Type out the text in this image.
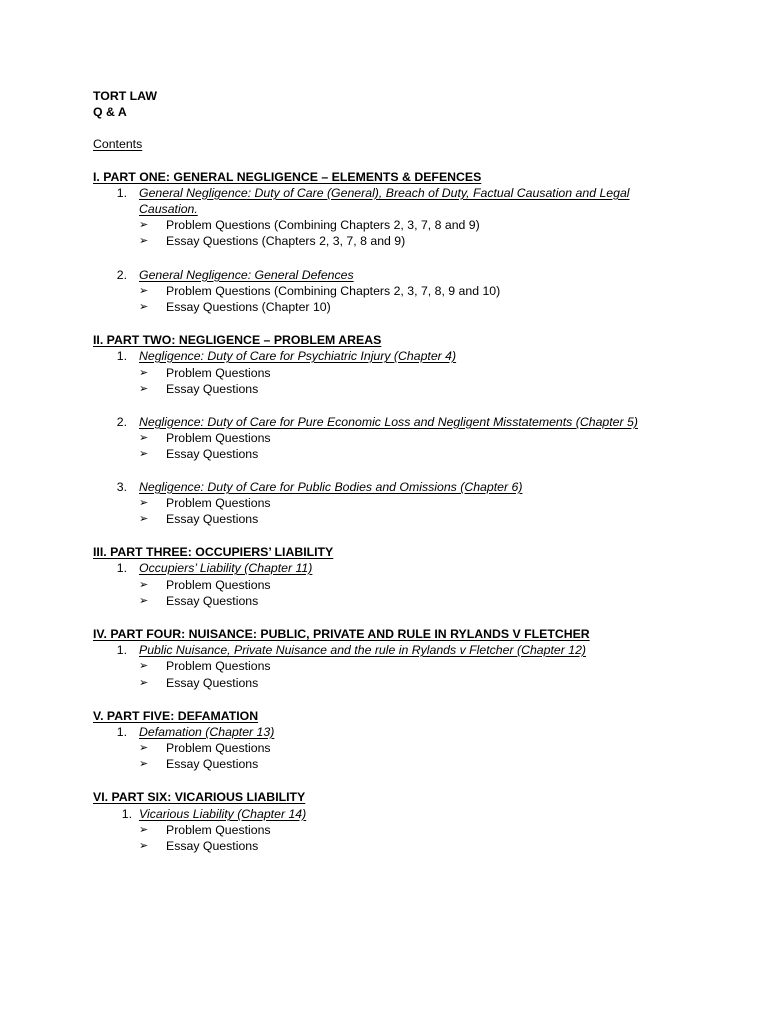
TORT LAW
Q & A
Contents
I. PART ONE: GENERAL NEGLIGENCE – ELEMENTS & DEFENCES
1. General Negligence: Duty of Care (General), Breach of Duty, Factual Causation and Legal
Causation.
➢ Problem Questions (Combining Chapters 2, 3, 7, 8 and 9)
➢ Essay Questions (Chapters 2, 3, 7, 8 and 9)
2. General Negligence: General Defences
➢ Problem Questions (Combining Chapters 2, 3, 7, 8, 9 and 10)
➢ Essay Questions (Chapter 10)
II. PART TWO: NEGLIGENCE – PROBLEM AREAS
1. Negligence: Duty of Care for Psychiatric Injury (Chapter 4)
➢ Problem Questions
➢ Essay Questions
2. Negligence: Duty of Care for Pure Economic Loss and Negligent Misstatements (Chapter 5)
➢ Problem Questions
➢ Essay Questions
3. Negligence: Duty of Care for Public Bodies and Omissions (Chapter 6)
➢ Problem Questions
➢ Essay Questions
III. PART THREE: OCCUPIERS’ LIABILITY
1. Occupiers’ Liability (Chapter 11)
➢ Problem Questions
➢ Essay Questions
IV. PART FOUR: NUISANCE: PUBLIC, PRIVATE AND RULE IN RYLANDS V FLETCHER
1. Public Nuisance, Private Nuisance and the rule in Rylands v Fletcher (Chapter 12)
➢ Problem Questions
➢ Essay Questions
V. PART FIVE: DEFAMATION
1. Defamation (Chapter 13)
➢ Problem Questions
➢ Essay Questions
VI. PART SIX: VICARIOUS LIABILITY
1. Vicarious Liability (Chapter 14)
➢ Problem Questions
➢ Essay Questions
